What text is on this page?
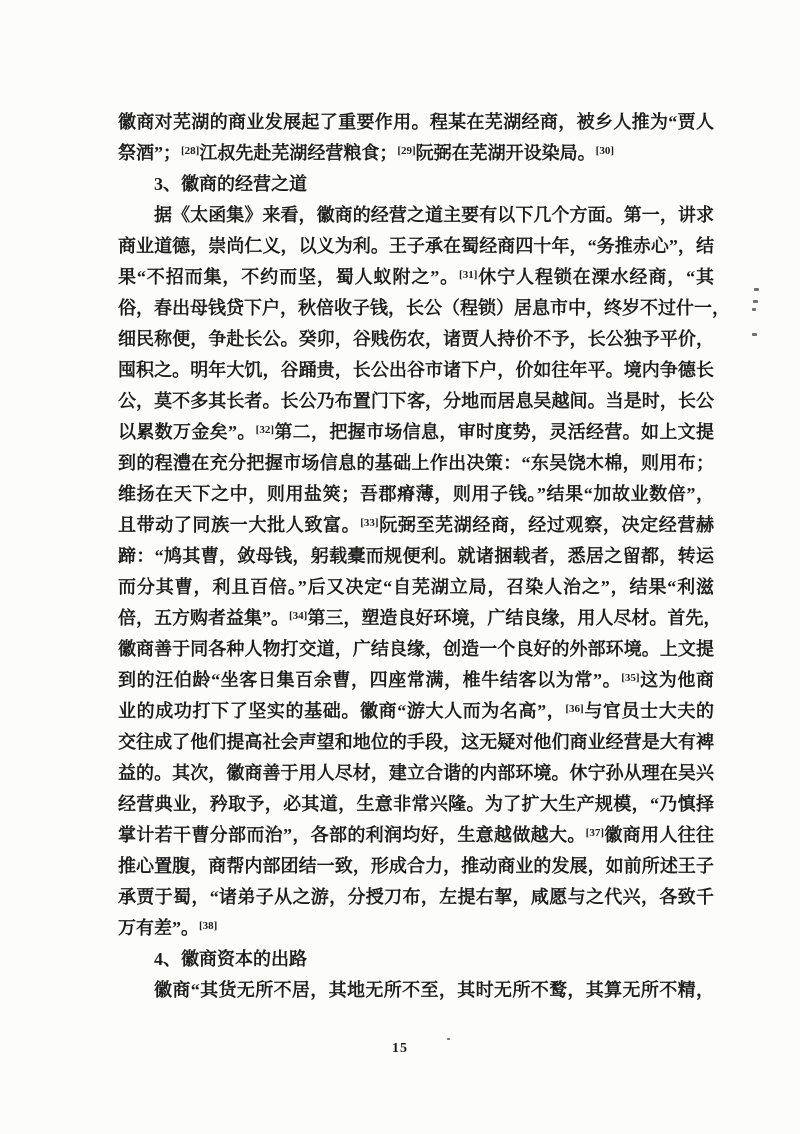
徽商对芜湖的商业发展起了重要作用。程某在芜湖经商，被乡人推为“贾人
祭酒”；[28]江叔先赴芜湖经营粮食；[29]阮弼在芜湖开设染局。[30]
3、徽商的经营之道
据《太函集》来看，徽商的经营之道主要有以下几个方面。第一，讲求
商业道德，崇尚仁义，以义为利。王子承在蜀经商四十年，“务推赤心”，结
果“不招而集，不约而坚，蜀人蚁附之”。[31]休宁人程锁在溧水经商，“其
俗，春出母钱贷下户，秋倍收子钱，长公（程锁）居息市中，终岁不过什一，
细民称便，争赴长公。癸卯，谷贱伤农，诸贾人持价不予，长公独予平价，
囤积之。明年大饥，谷踊贵，长公出谷市诸下户，价如往年平。境内争德长
公，莫不多其长者。长公乃布置门下客，分地而居息吴越间。当是时，长公
以累数万金矣”。[32]第二，把握市场信息，审时度势，灵活经营。如上文提
到的程澧在充分把握市场信息的基础上作出决策：“东吴饶木棉，则用布；
维扬在天下之中，则用盐筴；吾郡瘠薄，则用子钱。”结果“加故业数倍”，
且带动了同族一大批人致富。[33]阮弼至芜湖经商，经过观察，决定经营赫
蹄：“鸠其曹，敛母钱，躬载橐而规便利。就诸捆载者，悉居之留都，转运
而分其曹，利且百倍。”后又决定“自芜湖立局，召染人治之”，结果“利滋
倍，五方购者益集”。[34]第三，塑造良好环境，广结良缘，用人尽材。首先，
徽商善于同各种人物打交道，广结良缘，创造一个良好的外部环境。上文提
到的汪伯龄“坐客日集百余曹，四座常满，椎牛结客以为常”。[35]这为他商
业的成功打下了坚实的基础。徽商“游大人而为名高”，[36]与官员士大夫的
交往成了他们提高社会声望和地位的手段，这无疑对他们商业经营是大有裨
益的。其次，徽商善于用人尽材，建立合谐的内部环境。休宁孙从理在吴兴
经营典业，矜取予，必其道，生意非常兴隆。为了扩大生产规模，“乃慎择
掌计若干曹分部而治”，各部的利润均好，生意越做越大。[37]徽商用人往往
推心置腹，商帮内部团结一致，形成合力，推动商业的发展，如前所述王子
承贾于蜀，“诸弟子从之游，分授刀布，左提右挈，咸愿与之代兴，各致千
万有差”。[38]
4、徽商资本的出路
徽商“其货无所不居，其地无所不至，其时无所不鹜，其算无所不精，
15
